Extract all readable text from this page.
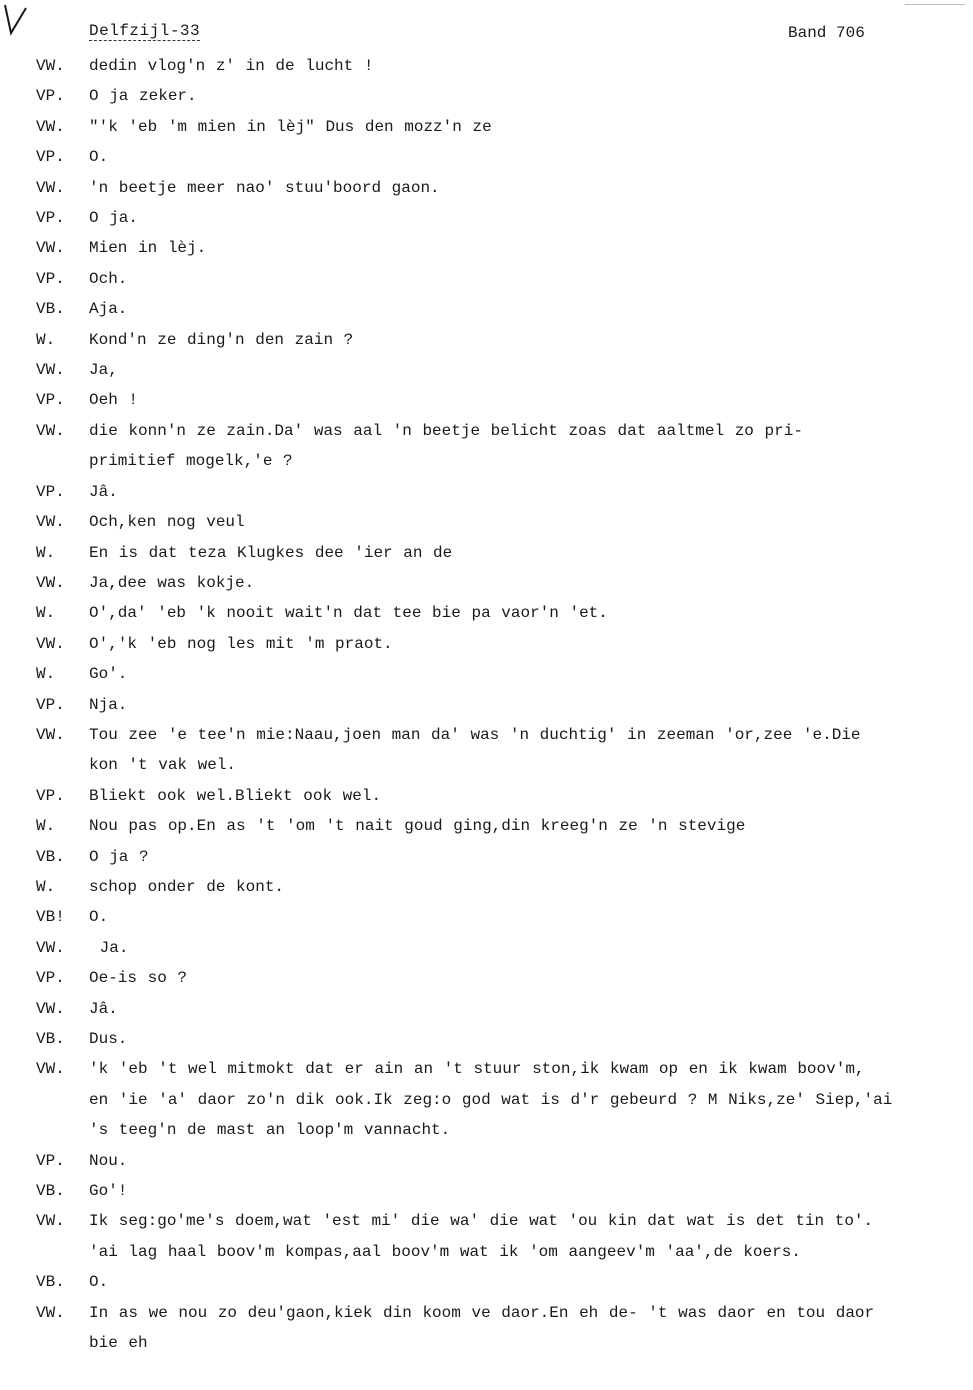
Delfzijl-33	Band 706
VW.	dedin vlog'n z' in de lucht !
VP.	O ja zeker.
VW.	"'k 'eb 'm mien in lèj" Dus den mozz'n ze
VP.	O.
VW.	'n beetje meer nao' stuu'boord gaon.
VP.	O ja.
VW.	Mien in lèj.
VP.	Och.
VB.	Aja.
W.	Kond'n ze ding'n den zain ?
VW.	Ja,
VP.	Oeh !
VW.	die konn'n ze zain.Da' was aal 'n beetje belicht zoas dat aaltmel zo pri-
primitief mogelk,'e ?
VP.	Jâ.
VW.	Och,ken nog veul
W.	En is dat teza Klugkes dee 'ier an de
VW.	Ja,dee was kokje.
W.	O',da' 'eb 'k nooit wait'n dat tee bie pa vaor'n 'et.
VW.	O','k 'eb nog les mit 'm praot.
W.	Go'.
VP.	Nja.
VW.	Tou zee 'e tee'n mie:Naau,joen man da' was 'n duchtig' in zeeman 'or,zee 'e.Die
kon 't vak wel.
VP.	Bliekt ook wel.Bliekt ook wel.
W.	Nou pas op.En as 't 'om 't nait goud ging,din kreeg'n ze 'n stevige
VB.	O ja ?
W.	schop onder de kont.
VB!	O.
VW.	Ja.
VP.	Oe-is so ?
VW.	Jâ.
VB.	Dus.
VW.	'k 'eb 't wel mitmokt dat er ain an 't stuur ston,ik kwam op en ik kwam boov'm,
en 'ie 'a' daor zo'n dik ook.Ik zeg:o god wat is d'r gebeurd ? M Niks,ze' Siep,'ai
's teeg'n de mast an loop'm vannacht.
VP.	Nou.
VB.	Go'!
VW.	Ik seg:go'me's doem,wat 'est mi' die wa' die wat 'ou kin dat wat is det tin to'.
'ai lag haal boov'm kompas,aal boov'm wat ik 'om aangeev'm 'aa',de koers.
VB.	O.
VW.	In as we nou zo deu'gaon,kiek din koom ve daor.En eh de- 't was daor en tou daor
bie eh
